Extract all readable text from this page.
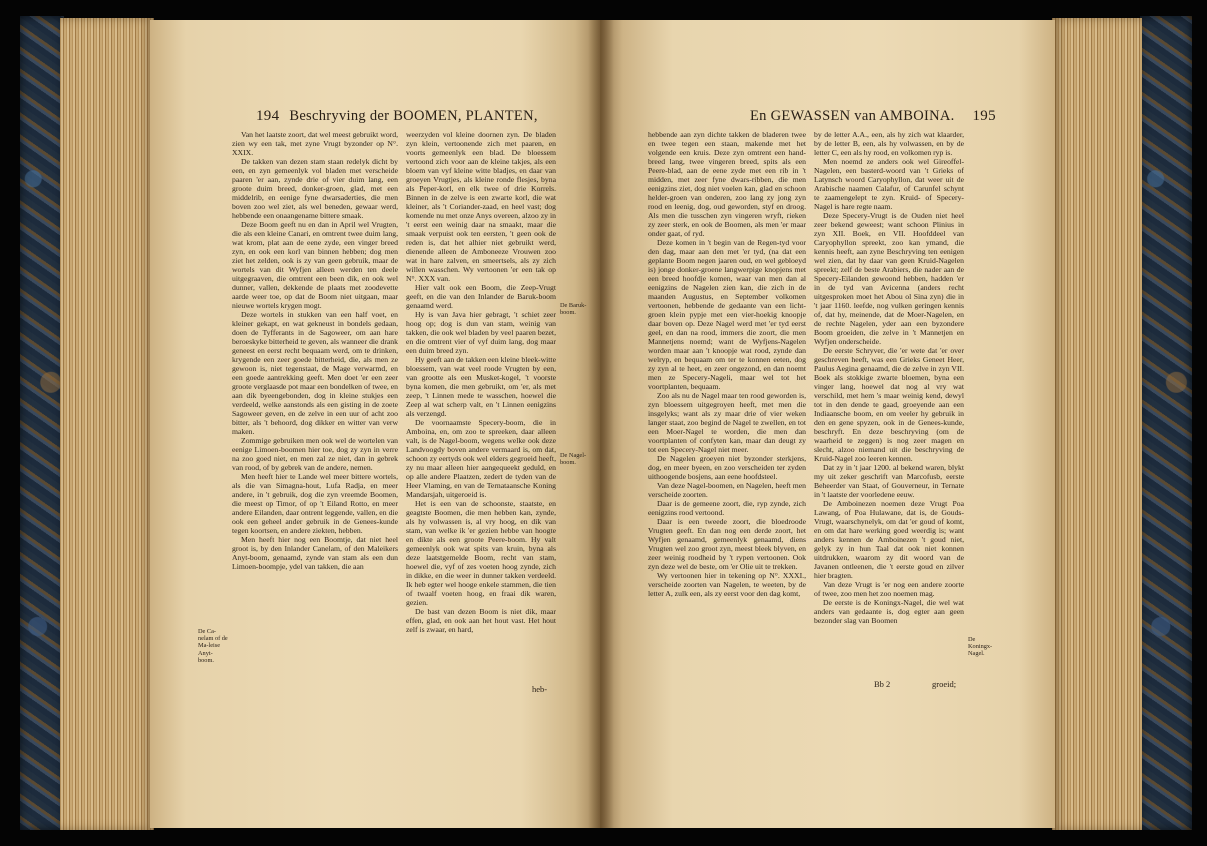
194 Beschryving der BOOMEN, PLANTEN,	En GEWASSEN van AMBOINA. 195

Van het laatste zoort, dat wel meest gebruikt word, zien wy een tak, met zyne Vrugt byzonder op N°. XXIX.

De takken van dezen stam staan redelyk dicht by een, en zyn gemeenlyk vol bladen met verscheide paaren 'er aan, zynde drie of vier duim lang, een groote duim breed, donker-groen, glad, met een middelrib, en eenige fyne dwarsaderties, die men boven zoo wel ziet, als wel beneden, gewaar werd, hebbende een onaangename bittere smaak.

Deze Boom geeft nu en dan in April wel Vrugten, die als een kleine Canari, en omtrent twee duim lang, wat krom, plat aan de eene zyde, een vinger breed zyn, en ook een korl van binnen hebben; dog men ziet het zelden, ook is zy van geen gebruik, maar de wortels van dit Wyfjen alleen werden ten deele uitgegraaven, die omtrent een been dik, en ook wel dunner, vallen, dekkende de plaats met zoodevette aarde weer toe, op dat de Boom niet uitgaan, maar nieuwe wortels krygen mogt.

Deze wortels in stukken van een half voet, en kleiner gekapt, en wat gekneust in bondels gedaan, doen de Tyfferants in de Sagoweer, om aan hare beroeskyke bitterheid te geven, als wanneer die drank geneest en eerst recht bequaam werd, om te drinken, krygende een zeer goede bitterheid, die, als men ze gewoon is, niet tegenstaat, de Mage verwarmd, en een goede aantrekking geeft. Men doet 'er een zeer groote verglaasde pot maar een bondelken of twee, en aan dik byeengebonden, dog in kleine stukjes een verdeeld, welke aanstonds als een gisting in de zoete Sagoweer geven, en de zelve in een uur of acht zoo bitter, als 't behoord, dog dikker en witter van verw maken.

Zommige gebruiken men ook wel de wortelen van eenige Limoen-boomen hier toe, dog zy zyn in verre na zoo goed niet, en men zal ze niet, dan in gebrek van rood, of by gebrek van de andere, nemen.

Men heeft hier te Lande wel meer bittere wortels, als die van Simagna-hout, Lufa Radja, en meer andere, in 't gebruik, dog die zyn vreemde Boomen, die meest op Timor, of op 't Eiland Rotto, en meer andere Eilanden, daar ontrent leggende, vallen, en die ook een geheel ander gebruik in de Genees-kunde tegen koortsen, en andere ziekten, hebben.

Men heeft hier nog een Boomtje, dat niet heel groot is, by den Inlander Canelam, of den Maleikers Anyt-boom, genaamd, zynde van stam als een dun Limoen-boompje, ydel van takken, die aan

weerzyden vol kleine doornen zyn. De bladen zyn klein, vertoonende zich met paaren, en voorts gemeenlyk een blad. De bloessem vertoond zich voor aan de kleine takjes, als een bloem van vyf kleine witte bladjes, en daar van groeyen Vrugtjes, als kleine ronde flesjes, byna als Peper-korl, en elk twee of drie Korrels. Binnen in de zelve is een zwarte korl, die wat kleiner, als 't Coriander-zaad, en heel vast; dog komende nu met onze Anys overeen, alzoo zy in 't eerst een weinig daar na smaakt, maar die smaak verpuist ook ten eersten, 't geen ook de reden is, dat het alhier niet gebruikt werd, dienende alleen de Amboneeze Vrouwen zoo wat in hare zalven, en smeertsels, als zy zich willen wasschen. Wy vertoonen 'er een tak op N°. XXX van.

Hier valt ook een Boom, die Zeep-Vrugt geeft, en die van den Inlander de Baruk-boom genaamd werd.

Hy is van Java hier gebragt, 't schiet zeer hoog op; dog is dun van stam, weinig van takken, die ook wel bladen by veel paaren bezet, en die omtrent vier of vyf duim lang, dog maar een duim breed zyn.

Hy geeft aan de takken een kleine bleek-witte bloessem, van wat veel roode Vrugten by een, van grootte als een Musket-kogel, 't voorste byna komen, die men gebruikt, om 'er, als met zeep, 't Linnen mede te wasschen, hoewel die Zeep al wat scherp valt, en 't Linnen eenigzins als verzengd.

De voornaamste Specery-boom, die in Amboina, en, om zoo te spreeken, daar alleen valt, is de Nagel-boom, wegens welke ook deze Landvoogdy boven andere vermaard is, om dat, schoon zy eertyds ook wel elders gegroeid heeft, zy nu maar alleen hier aangequeekt geduld, en op alle andere Plaatzen, zedert de tyden van de Heer Vlaming, en van de Ternataansche Koning Mandarsjah, uitgeroeid is.

Het is een van de schoonste, staatste, en geagtste Boomen, die men hebben kan, zynde, als hy volwassen is, al vry hoog, en dik van stam, van welke ik 'er gezien hebbe van hoogte en dikte als een groote Peere-boom. Hy valt gemeenlyk ook wat spits van kruin, byna als deze laatstgemelde Boom, recht van stam, hoewel die, vyf of zes voeten hoog zynde, zich in dikke, en die weer in dunner takken verdeeld. Ik heb egter wel hooge enkele stammen, die tien of twaalf voeten hoog, en fraai dik waren, gezien.

De bast van dezen Boom is niet dik, maar effen, glad, en ook aan het hout vast. Het hout zelf is zwaar, en hard,

hebbende aan zyn dichte takken de bladeren twee en twee tegen een staan, makende met het volgende een kruis. Deze zyn omtrent een hand-breed lang, twee vingeren breed, spits als een Peere-blad, aan de eene zyde met een rib in 't midden, met zeer fyne dwars-ribben, die men eenigzins ziet, dog niet voelen kan, glad en schoon helder-groen van onderen, zoo lang zy jong zyn rood en leenig, dog, oud geworden, styf en droog. Als men die tusschen zyn vingeren wryft, rieken zy zeer sterk, en ook de Boomen, als men 'er maar onder gaat, of ryd.

Deze komen in 't begin van de Regen-tyd voor den dag, maar aan den met 'er tyd, (na dat een geplante Boom negen jaaren oud, en wel gebloeyd is) jonge donker-groene langwerpige knopjens met een breed hoofdje komen, waar van men dan al eenigzins de Nagelen zien kan, die zich in de maanden Augustus, en September volkomen vertoonen, hebbende de gedaante van een licht-groen klein pypje met een vier-hoekig knoopje daar boven op. Deze Nagel werd met 'er tyd eerst geel, en dan na rood, immers die zoort, die men Mannetjens noemd; want de Wyfjens-Nagelen worden maar aan 't knoopje wat rood, zynde dan welryp, en bequaam om ter te konnen eeten, dog zy zyn al te heet, en zeer ongezond, en dan noemt men ze Specery-Nageli, maar wel tot het voortplanten, bequaam.

Zoo als nu de Nagel maar ten rood geworden is, zyn bloessem uitgegroyen heeft, met men die insgelyks; want als zy maar drie of vier weken langer staat, zoo begind de Nagel te zwellen, en tot een Moer-Nagel te worden, die men dan voortplanten of confyten kan, maar dan deugt zy tot een Specery-Nagel niet meer.

De Nagelen groeyen niet byzonder sterkjens, dog, en meer byeen, en zoo verscheiden ter zyden uithoogende bosjens, aan eene hoofdsteel.

Van deze Nagel-boomen, en Nagelen, heeft men verscheide zoorten.

Daar is de gemeene zoort, die, ryp zynde, zich eenigzins rood vertoond.

Daar is een tweede zoort, die bloedroode Vrugten geeft. En dan nog een derde zoort, het Wyfjen genaamd, gemeenlyk genaamd, diens Vrugten wel zoo groot zyn, meest bleek blyven, en zeer weinig roodheid by 't rypen vertoonen. Ook zyn deze wel de beste, om 'er Olie uit te trekken.

Wy vertoonen hier in tekening op N°. XXXI., verscheide zoorten van Nagelen, te weeten, by de letter A, zulk een, als zy eerst voor den dag komt,

by de letter A.A., een, als hy zich wat klaarder, by de letter B, een, als hy volwassen, en by de letter C, een als hy rood, en volkomen ryp is.

Men noemd ze anders ook wel Gireoffel-Nagelen, een basterd-woord van 't Grieks of Latynsch woord Caryophyllon, dat weer uit de Arabische naamen Calafur, of Carunfel schynt te zaamengelept te zyn. Kruid- of Specery-Nagel is hare regte naam.

Deze Specery-Vrugt is de Ouden niet heel zeer bekend geweest; want schoon Plinius in zyn XII. Boek, en VII. Hoofddeel van Caryophyllon spreekt, zoo kan ymand, die kennis heeft, aan zyne Beschryving ten eenigen wel zien, dat hy daar van geen Kruid-Nagelen spreekt; zelf de beste Arabiers, die nader aan de Specery-Eilanden gewoond hebben, hadden 'er in de tyd van Avicenna (anders recht uitgesproken moet het Abou ol Sina zyn) die in 't jaar 1160. leefde, nog vulken geringen kennis of, dat hy, meinende, dat de Moer-Nagelen, en de rechte Nagelen, yder aan een byzondere Boom groeiden, die zelve in 't Mannetjen en Wyfjen onderscheide.

De eerste Schryver, die 'er wete dat 'er over geschreven heeft, was een Grieks Geneet Heer, Paulus Aegina genaamd, die de zelve in zyn VII. Boek als stokkige zwarte bloemen, byna een vinger lang, hoewel dat nog al vry wat verschild, met hem 's maar weinig kend, dewyl tot in den dende te gaad, groeyende aan een Indiaansche boom, en om veeler hy gebruik in den en gene spyzen, ook in de Genees-kunde, beschryft. En deze beschryving (om de waarheid te zeggen) is nog zeer magen en slecht, alzoo niemand uit die beschryving de Kruid-Nagel zoo leeren kennen.

Dat zy in 't jaar 1200. al bekend waren, blykt my uit zeker geschrift van Marcofusb, eerste Beheerder van Staat, of Gouverneur, in Ternate in 't laatste der voorledene eeuw.

De Amboinezen noemen deze Vrugt Poa Lawang, of Poa Hulawane, dat is, de Gouds-Vrugt, waarschynelyk, om dat 'er goud of komt, en om dat hare werking goed weerdig is; want anders kennen de Amboinezen 't goud niet, gelyk zy in hun Taal dat ook niet konnen uitdrukken, waarom zy dit woord van de Javanen ontleenen, die 't eerste goud en zilver hier bragten.

Van deze Vrugt is 'er nog een andere zoorte of twee, zoo men het zoo noemen mag.

De eerste is de Koningx-Nagel, die wel wat anders van gedaante is, dog egter aan geen bezonder slag van Boomen

De Ca-nelam of de Ma-leise Anyt-boom.
De Baruk-boom.
De Nagel-boom.
De Koningx-Nagel.
heb-	Bb 2	groeid;
